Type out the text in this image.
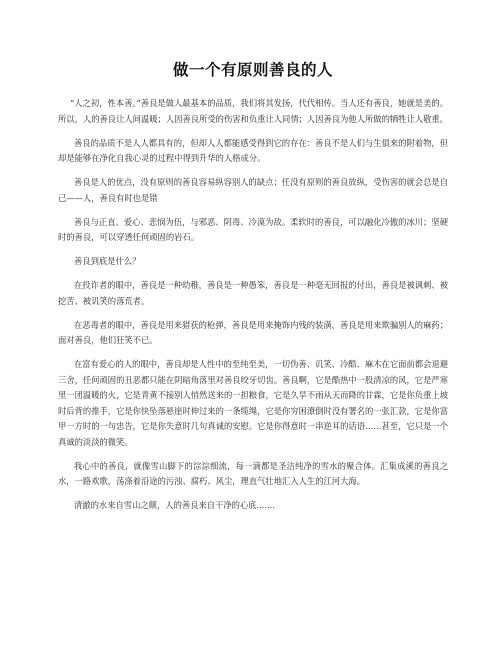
做一个有原则善良的人

“人之初，性本善。”善良是做人最基本的品质，我们将其发扬，代代相传。当人还有善良，她就是美的。所以，人的善良让人间温暖；人因善良所受的伤害和负重让人同情；人因善良为他人所做的牺牲让人敬重。

善良的品质不是人人都具有的，但却人人都能感受得到它的存在：善良不是人们与生俱来的附着物，但却是能够在净化自我心灵的过程中得到升华的人格成分。

善良是人的优点，没有原则的善良容易纵容别人的缺点；任没有原则的善良放纵，受伤害的就会总是自己——人，善良有时也是错

善良与正直、爱心、悲悯为伍，与邪恶、阴毒、冷漠为敌。柔软时的善良，可以融化冷傲的冰川；坚硬时的善良，可以穿透任何顽固的岩石。

善良到底是什么？

在投诈者的眼中，善良是一种幼稚，善良是一种愚笨，善良是一种毫无回报的付出，善良是被讽刺、被挖苦、被讥笑的落荒者。

在恶毒者的眼中，善良是用来猎获的枪弹，善良是用来掩饰内残的装潢，善良是用来欺骗别人的麻药；面对善良，他们狂笑不已。

在富有爱心的人的眼中，善良却是人性中的至纯至美，一切伪善、讥笑、冷酷、麻木在它面前都会退避三舍，任何顽固的丑恶都只能在阴暗角落里对善良咬牙切齿。善良啊，它是酷热中一股清凉的风，它是严寒里一团温暖的火，它是青黄不接别人悄然送来的一担粮食，它是久旱不雨从天而降的甘霖，它是你负重上坡时后背的推手，它是你快坠落悬崖时伸过来的一条缆绳，它是你穷困潦倒时没有署名的一张汇款，它是你富甲一方时的一句忠告，它是你失意时几句真诚的安慰。它是你得意时一串逆耳的话语……甚至，它只是一个真诚的淡淡的微笑。

我心中的善良，就像雪山脚下的淙淙细流，每一滴都是圣洁纯净的雪水的聚合体。汇集成溪的善良之水，一路欢歌，荡涤着沿途的污浊、腐朽、风尘，理直气壮地汇入人生的江河大海。

清澈的水来自雪山之颠，人的善良来自干净的心底.......
